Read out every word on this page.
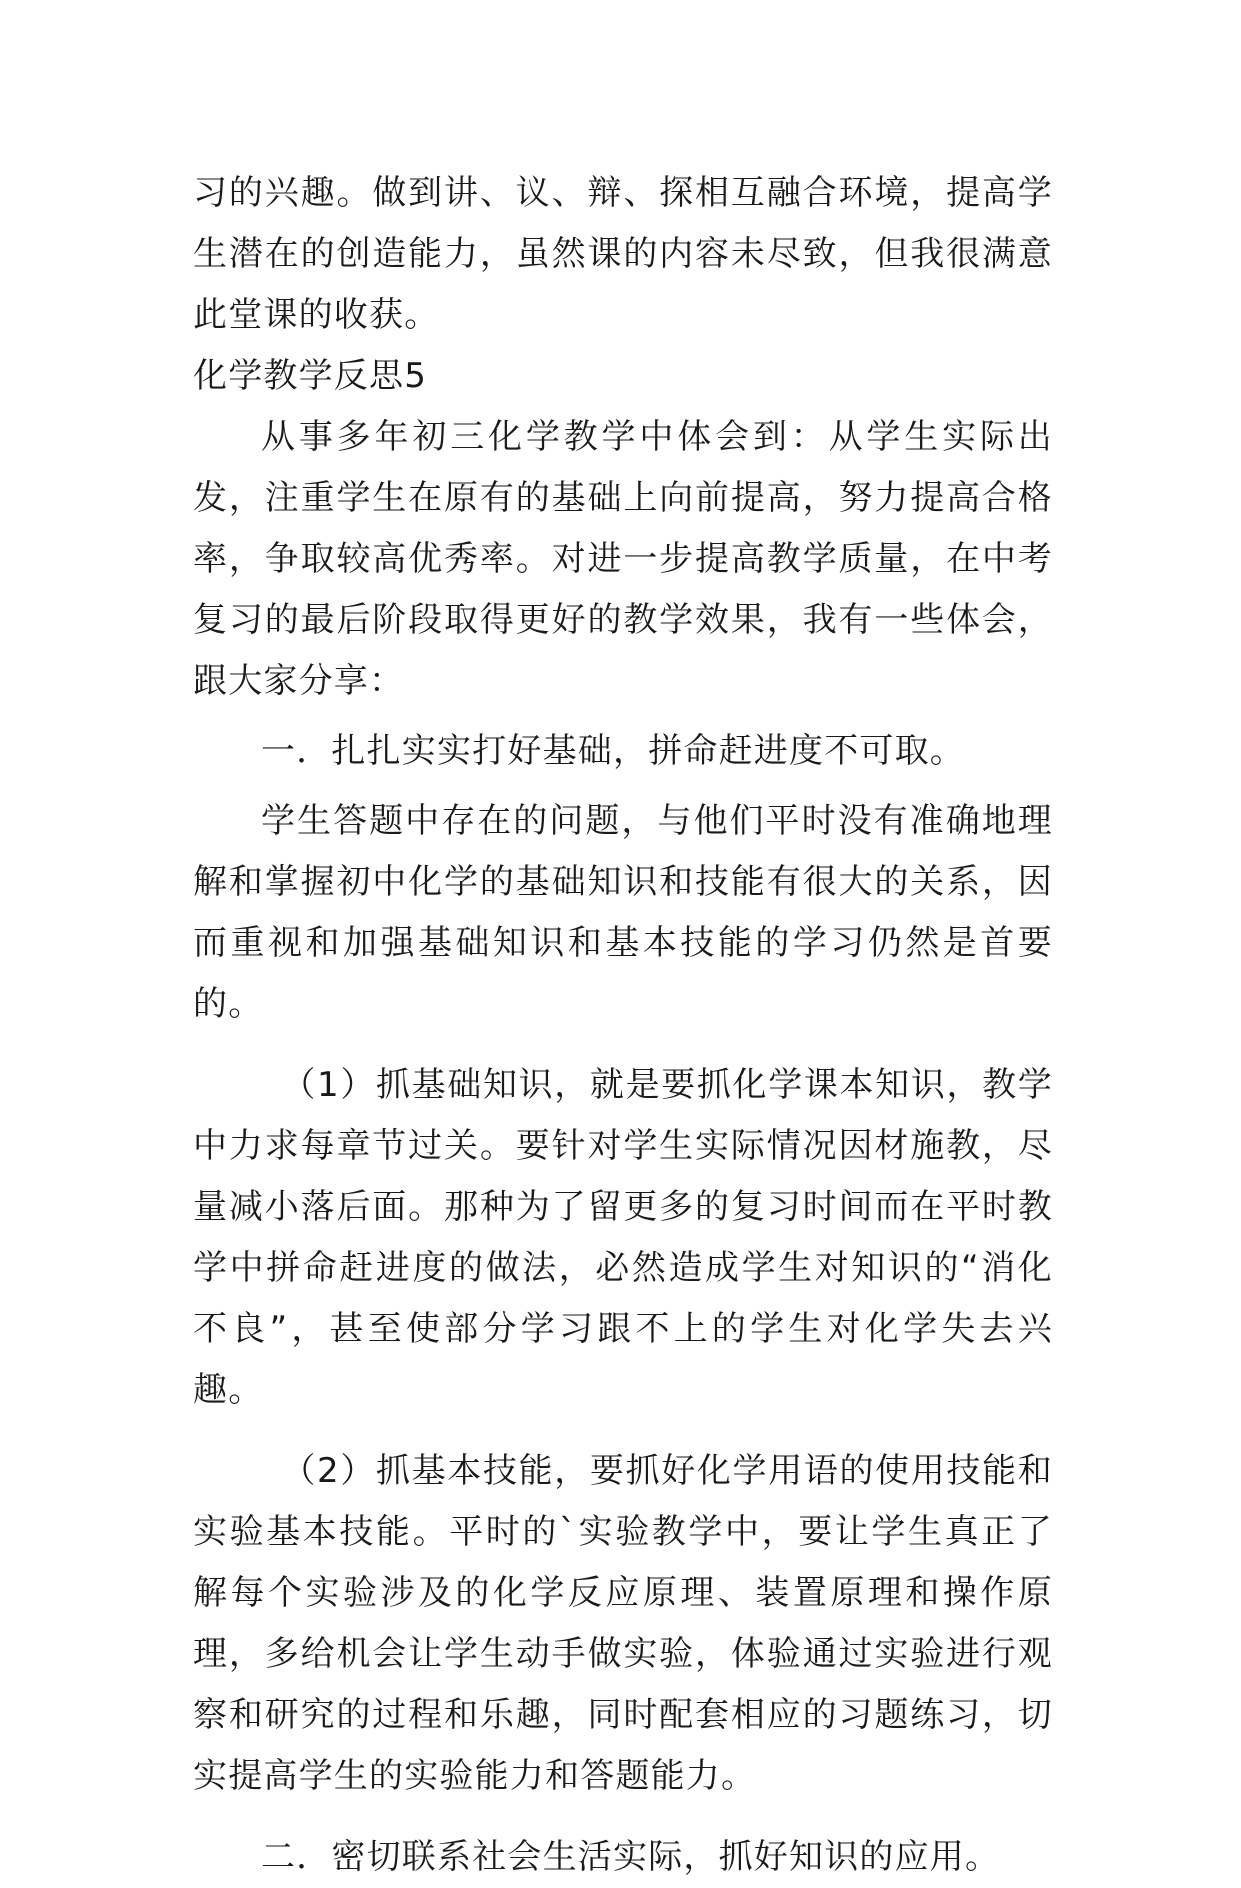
习的兴趣。做到讲、议、辩、探相互融合环境，提高学生潜在的创造能力，虽然课的内容未尽致，但我很满意此堂课的收获。

化学教学反思5

从事多年初三化学教学中体会到：从学生实际出发，注重学生在原有的基础上向前提高，努力提高合格率，争取较高优秀率。对进一步提高教学质量，在中考复习的最后阶段取得更好的教学效果，我有一些体会，跟大家分享：

一．扎扎实实打好基础，拼命赶进度不可取。

学生答题中存在的问题，与他们平时没有准确地理解和掌握初中化学的基础知识和技能有很大的关系，因而重视和加强基础知识和基本技能的学习仍然是首要的。

（1）抓基础知识，就是要抓化学课本知识，教学中力求每章节过关。要针对学生实际情况因材施教，尽量减小落后面。那种为了留更多的复习时间而在平时教学中拼命赶进度的做法，必然造成学生对知识的“消化不良”，甚至使部分学习跟不上的学生对化学失去兴趣。

（2）抓基本技能，要抓好化学用语的使用技能和实验基本技能。平时的`实验教学中，要让学生真正了解每个实验涉及的化学反应原理、装置原理和操作原理，多给机会让学生动手做实验，体验通过实验进行观察和研究的过程和乐趣，同时配套相应的习题练习，切实提高学生的实验能力和答题能力。

二．密切联系社会生活实际，抓好知识的应用。
